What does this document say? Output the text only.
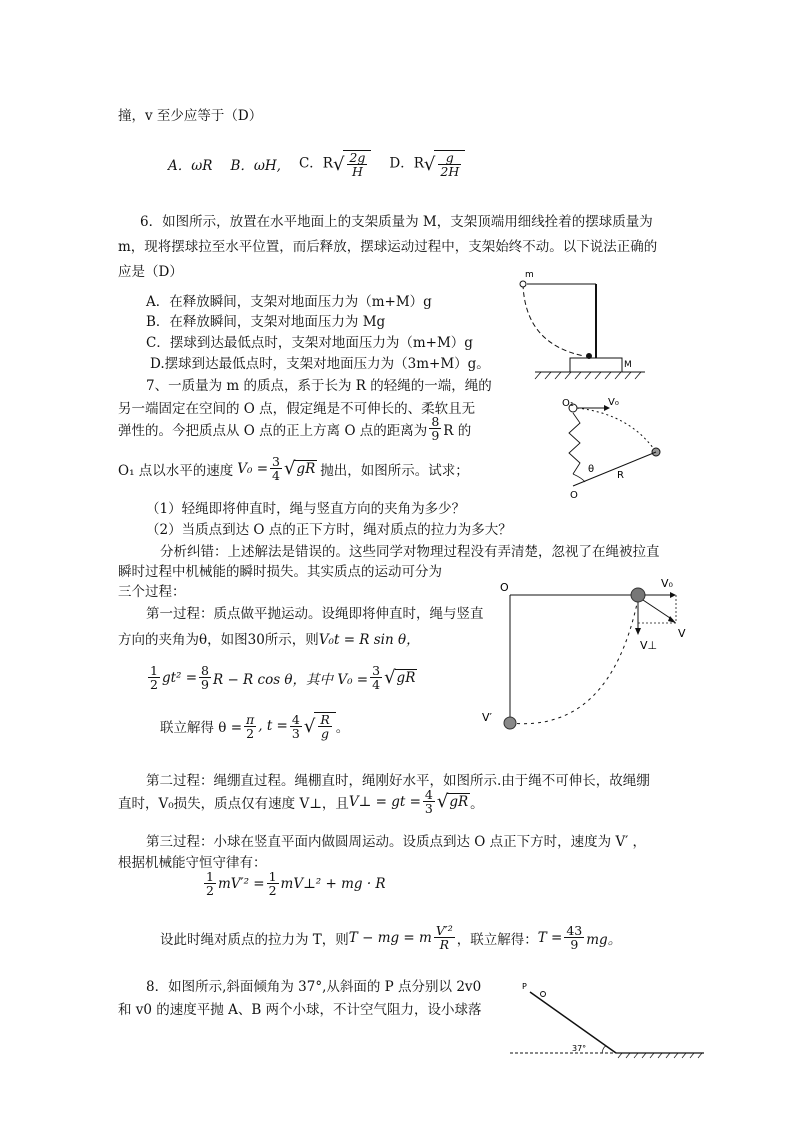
撞，v 至少应等于（D）
A．ωR B．ωH, C．$R√ \frac{2g}{H}$ D．$R√ \frac{g}{2H}$
6．如图所示，放置在水平地面上的支架质量为 M，支架顶端用细线拴着的摆球质量为
m，现将摆球拉至水平位置，而后释放，摆球运动过程中，支架始终不动。以下说法正确的
应是（D）
A．在释放瞬间，支架对地面压力为（m+M）g
B．在释放瞬间，支架对地面压力为 Mg
C．摆球到达最低点时，支架对地面压力为（m+M）g
D.摆球到达最低点时，支架对地面压力为（3m+M）g。
m
M
7、一质量为 m 的质点，系于长为 R 的轻绳的一端，绳的
另一端固定在空间的 O 点，假定绳是不可伸长的、柔软且无
弹性的。今把质点从 O 点的正上方离 O 点的距离为 $\frac{8}{9}$ R 的
O₁ 点以水平的速度 $V_0 = \frac{3}{4}$ √ gR 抛出，如图所示。试求；
（1）轻绳即将伸直时，绳与竖直方向的夹角为多少？
（2）当质点到达 O 点的正下方时，绳对质点的拉力为多大？
O₁	V₀
θ
R
O
分析纠错：上述解法是错误的。这些同学对物理过程没有弄清楚，忽视了在绳被拉直
瞬时过程中机械能的瞬时损失。其实质点的运动可分为
三个过程：
第一过程：质点做平抛运动。设绳即将伸直时，绳与竖直
方向的夹角为θ，如图30所示，则 V₀t = R sin θ，
$\frac{1}{2} gt^2 = \frac{8}{9}$ R − R cos θ，其中 $V_0 = \frac{3}{4}$ √ gR
联立解得 $\theta = \frac{\pi}{2}$ , $t = \frac{4}{3}$ √ $\frac{R}{g}$ 。
O	V₀
V
V⊥
V′
第二过程：绳绷直过程。绳棚直时，绳刚好水平，如图所示.由于绳不可伸长，故绳绷
直时，V₀损失，质点仅有速度 V⊥，且 V⊥ = gt = $\frac{4}{3}$ √ gR 。
第三过程：小球在竖直平面内做圆周运动。设质点到达 O 点正下方时，速度为 V′ ，
根据机械能守恒守律有：
$\frac{1}{2} mV'^2 = \frac{1}{2}$ mV⊥² + mg · R
设此时绳对质点的拉力为 T，则 T − mg = m $\frac{\text{V′²}}{R}$ ，联立解得： $T = \frac{43}{9}$ mg。
8．如图所示,斜面倾角为 37°,从斜面的 P 点分别以 2v0
和 v0 的速度平抛 A、B 两个小球，不计空气阻力，设小球落
P
37°
